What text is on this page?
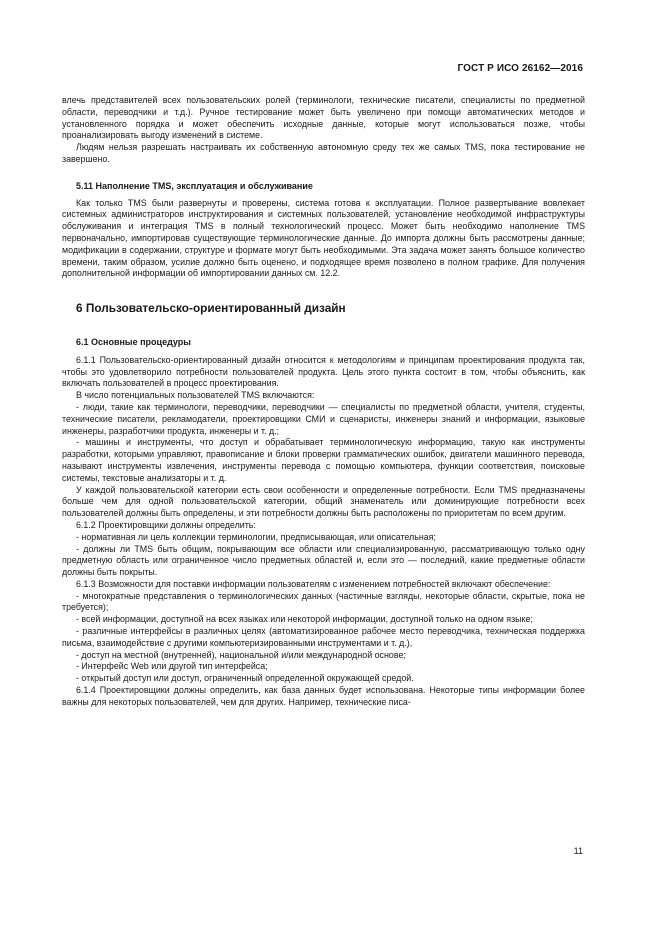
ГОСТ Р ИСО 26162—2016

влечь представителей всех пользовательских ролей (терминологи, технические писатели, специалисты по предметной области, переводчики и т.д.). Ручное тестирование может быть увеличено при помощи автоматических методов и установленного порядка и может обеспечить исходные данные, которые могут использоваться позже, чтобы проанализировать выгоду изменений в системе.

Людям нельзя разрешать настраивать их собственную автономную среду тех же самых TMS, пока тестирование не завершено.

5.11 Наполнение TMS, эксплуатация и обслуживание

Как только TMS были развернуты и проверены, система готова к эксплуатации. Полное развертывание вовлекает системных администраторов инструктирования и системных пользователей, установление необходимой инфраструктуры обслуживания и интеграция TMS в полный технологический процесс. Может быть необходимо наполнение TMS первоначально, импортировав существующие терминологические данные. До импорта должны быть рассмотрены данные; модификации в содержании, структуре и формате могут быть необходимыми. Эта задача может занять большое количество времени, таким образом, усилие должно быть оценено, и подходящее время позволено в полном графике. Для получения дополнительной информации об импортировании данных см. 12.2.

6 Пользовательско-ориентированный дизайн
6.1 Основные процедуры

6.1.1 Пользовательско-ориентированный дизайн относится к методологиям и принципам проектирования продукта так, чтобы это удовлетворило потребности пользователей продукта. Цель этого пункта состоит в том, чтобы объяснить, как включать пользователей в процесс проектирования.

В число потенциальных пользователей TMS включаются:

- люди, такие как терминологи, переводчики, переводчики — специалисты по предметной области, учителя, студенты, технические писатели, рекламодатели, проектировщики СМИ и сценаристы, инженеры знаний и информации, языковые инженеры, разработчики продукта, инженеры и т. д.;

- машины и инструменты, что доступ и обрабатывает терминологическую информацию, такую как инструменты разработки, которыми управляют, правописание и блоки проверки грамматических ошибок, двигатели машинного перевода, называют инструменты извлечения, инструменты перевода с помощью компьютера, функции соответствия, поисковые системы, текстовые анализаторы и т. д.

У каждой пользовательской категории есть свои особенности и определенные потребности. Если TMS предназначены больше чем для одной пользовательской категории, общий знаменатель или доминирующие потребности всех пользователей должны быть определены, и эти потребности должны быть расположены по приоритетам по всем другим.

6.1.2 Проектировщики должны определить:

- нормативная ли цель коллекции терминологии, предписывающая, или описательная;

- должны ли TMS быть общим, покрывающим все области или специализированную, рассматривающую только одну предметную область или ограниченное число предметных областей и, если это — последний, какие предметные области должны быть покрыты.

6.1.3 Возможности для поставки информации пользователям с изменением потребностей включают обеспечение:

- многократные представления о терминологических данных (частичные взгляды, некоторые области, скрытые, пока не требуется);

- всей информации, доступной на всех языках или некоторой информации, доступной только на одном языке;

- различные интерфейсы в различных целях (автоматизированное рабочее место переводчика, техническая поддержка письма, взаимодействие с другими компьютеризированными инструментами и т. д.),

- доступ на местной (внутренней), национальной и/или международной основе;

- Интерфейс Web или другой тип интерфейса;

- открытый доступ или доступ, ограниченный определенной окружающей средой.

6.1.4 Проектировщики должны определить, как база данных будет использована. Некоторые типы информации более важны для некоторых пользователей, чем для других. Например, технические писа-

11
